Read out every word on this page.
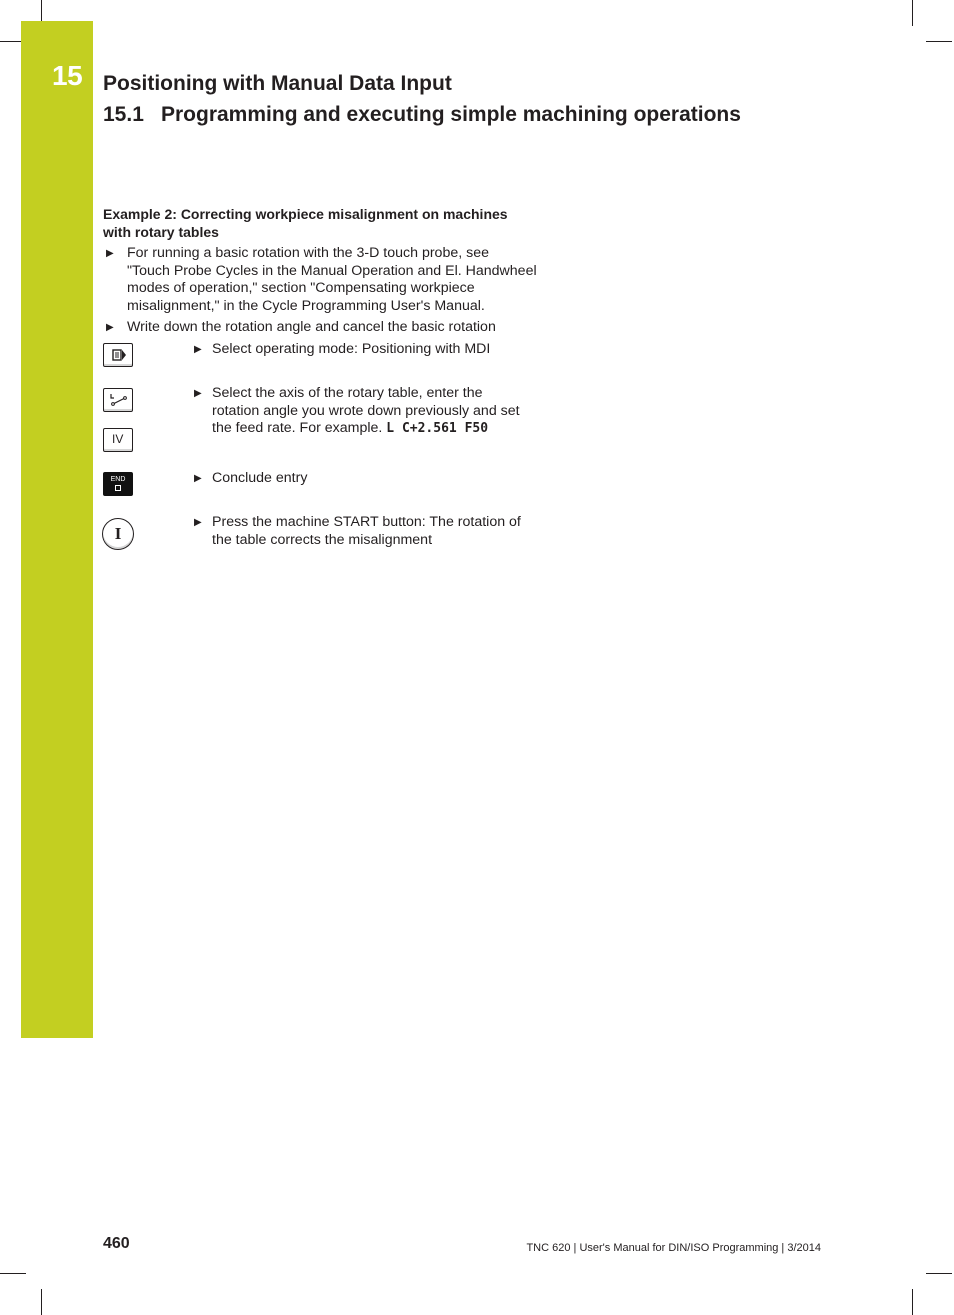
15 Positioning with Manual Data Input
15.1 Programming and executing simple machining operations
Example 2: Correcting workpiece misalignment on machines
with rotary tables
▶ For running a basic rotation with the 3-D touch probe, see
"Touch Probe Cycles in the Manual Operation and El. Handwheel
modes of operation," section "Compensating workpiece
misalignment," in the Cycle Programming User's Manual.
▶ Write down the rotation angle and cancel the basic rotation
▶ Select operating mode: Positioning with MDI
IV
▶ Select the axis of the rotary table, enter the
rotation angle you wrote down previously and set
the feed rate. For example. L C+2.561 F50
END	▶ Conclude entry
I
▶ Press the machine START button: The rotation of
the table corrects the misalignment
460	TNC 620 | User's Manual for DIN/ISO Programming | 3/2014
